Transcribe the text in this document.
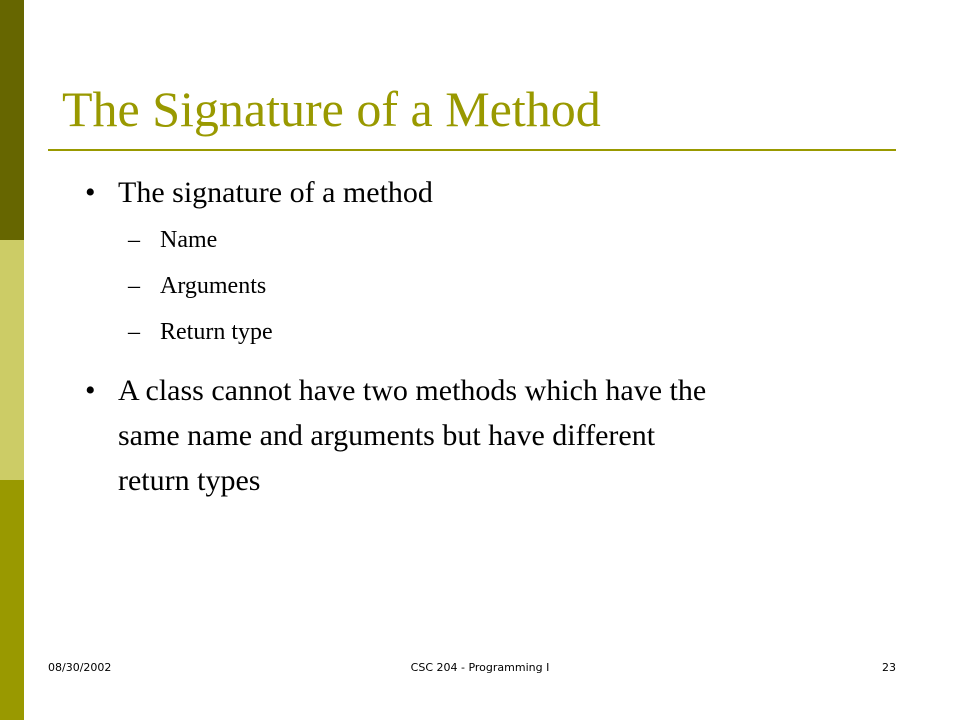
The Signature of a Method
• The signature of a method
– Name
– Arguments
– Return type
• A class cannot have two methods which have the
same name and arguments but have different
return types
08/30/2002	CSC 204 - Programming I	23
